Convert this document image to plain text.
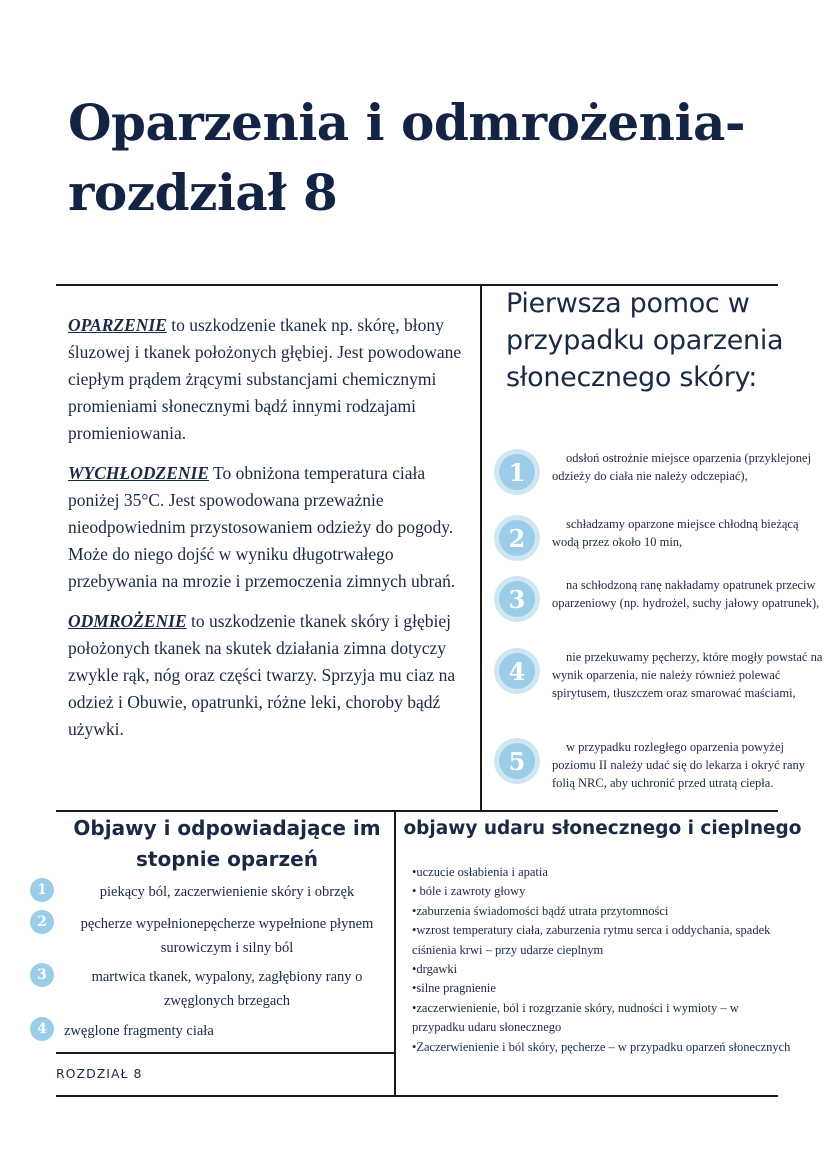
Oparzenia i odmrożenia- rozdział 8

OPARZENIE to uszkodzenie tkanek np. skórę, błony śluzowej i tkanek położonych głębiej. Jest powodowane ciepłym prądem żrącymi substancjami chemicznymi promieniami słonecznymi bądź innymi rodzajami promieniowania.

WYCHŁODZENIE To obniżona temperatura ciała poniżej 35°C. Jest spowodowana przeważnie nieodpowiednim przystosowaniem odzieży do pogody. Może do niego dojść w wyniku długotrwałego przebywania na mrozie i przemoczenia zimnych ubrań.

ODMROŻENIE to uszkodzenie tkanek skóry i głębiej położonych tkanek na skutek działania zimna dotyczy zwykle rąk, nóg oraz części twarzy. Sprzyja mu ciaz na odzież i Obuwie, opatrunki, różne leki, choroby bądź używki.

Pierwsza pomoc w przypadku oparzenia słonecznego skóry:
1	odsłoń ostrożnie miejsce oparzenia (przyklejonej odzieży do ciała nie należy odczepiać),

2	schładzamy oparzone miejsce chłodną bieżącą wodą przez około 10 min,

3	na schłodzoną ranę nakładamy opatrunek przeciw oparzeniowy (np. hydrożel, suchy jałowy opatrunek),

4	nie przekuwamy pęcherzy, które mogły powstać na wynik oparzenia, nie należy również polewać spirytusem, tłuszczem oraz smarować maściami,

5	w przypadku rozległego oparzenia powyżej poziomu II należy udać się do lekarza i okryć rany folią NRC, aby uchronić przed utratą ciepła.

Objawy i odpowiadające im stopnie oparzeń
1	piekący ból, zaczerwienienie skóry i obrzęk

2	pęcherze wypełnionepęcherze wypełnione płynem surowiczym i silny ból

3	martwica tkanek, wypalony, zagłębiony rany o zwęglonych brzegach

4	zwęglone fragmenty ciała

objawy udaru słonecznego i cieplnego
•uczucie osłabienia i apatia
• bóle i zawroty głowy
•zaburzenia świadomości bądź utrata przytomności
•wzrost temperatury ciała, zaburzenia rytmu serca i oddychania, spadek ciśnienia krwi – przy udarze cieplnym
•drgawki
•silne pragnienie
•zaczerwienienie, ból i rozgrzanie skóry, nudności i wymioty – w przypadku udaru słonecznego
•Zaczerwienienie i ból skóry, pęcherze – w przypadku oparzeń słonecznych
ROZDZIAŁ 8
